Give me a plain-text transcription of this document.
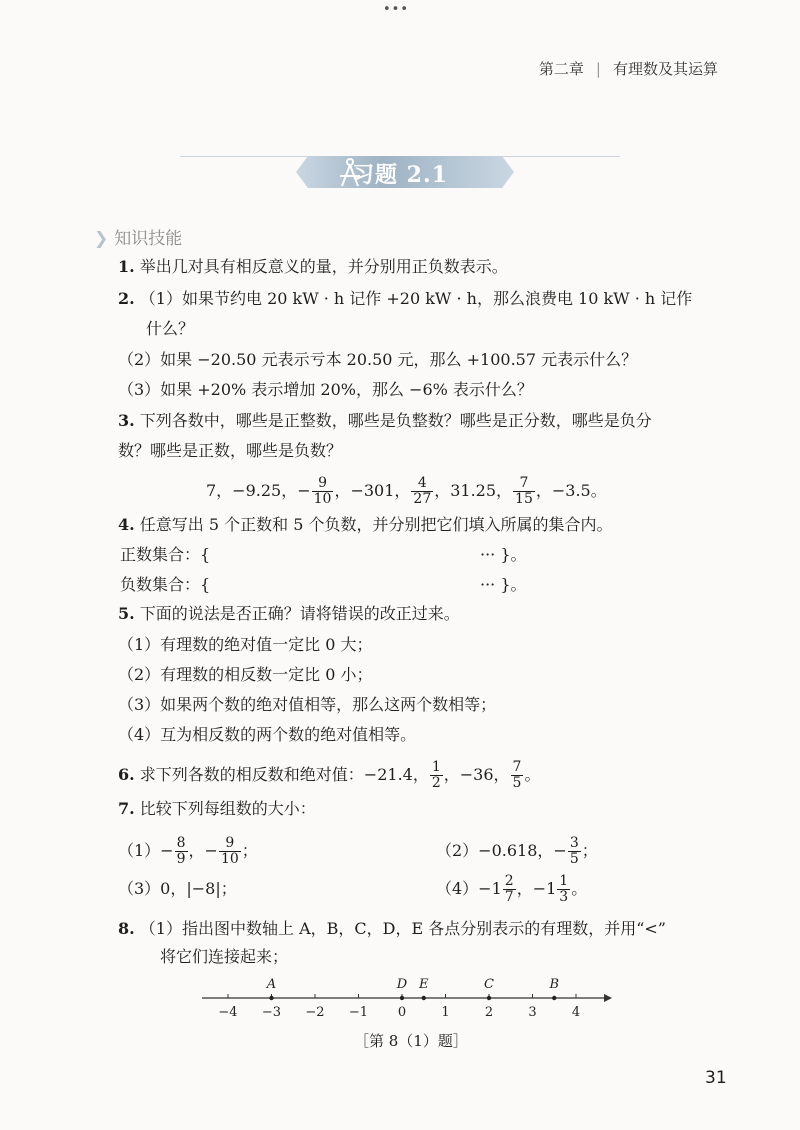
•••
第二章 | 有理数及其运算
习题 2.1
❯ 知识技能
1. 举出几对具有相反意义的量，并分别用正负数表示。
2. （1）如果节约电 20 kW · h 记作 +20 kW · h，那么浪费电 10 kW · h 记作
什么？
（2）如果 −20.50 元表示亏本 20.50 元，那么 +100.57 元表示什么？
（3）如果 +20% 表示增加 20%，那么 −6% 表示什么？
3. 下列各数中，哪些是正整数，哪些是负整数？哪些是正分数，哪些是负分
数？哪些是正数，哪些是负数？
7，−9.25，− $\frac{9}{10}$ ，−301， $\frac{4}{27}$ ，31.25， $\frac{7}{15}$ ，−3.5。
4. 任意写出 5 个正数和 5 个负数，并分别把它们填入所属的集合内。
正数集合：{	··· }。
负数集合：{	··· }。
5. 下面的说法是否正确？请将错误的改正过来。
（1）有理数的绝对值一定比 0 大；
（2）有理数的相反数一定比 0 小；
（3）如果两个数的绝对值相等，那么这两个数相等；
（4）互为相反数的两个数的绝对值相等。
6. 求下列各数的相反数和绝对值：−21.4， $\frac{1}{2}$ ，−36， $\frac{7}{5}$ 。
7. 比较下列每组数的大小：
$(1)- \frac{8}{9}$ ，− $\frac{9}{10}$ ；	（2）−0.618，− $\frac{3}{5}$ ；
（3）0，|−8|；	$(4)-1 \frac{2}{7}$ ，$-1 \frac{1}{3}$ 。
8. （1）指出图中数轴上 A，B，C，D，E 各点分别表示的有理数，并用“<”
将它们连接起来；
−4 −3 −2 −1 0	1	2	3	4
A	D E	C	B
［第 8（1）题］
31
